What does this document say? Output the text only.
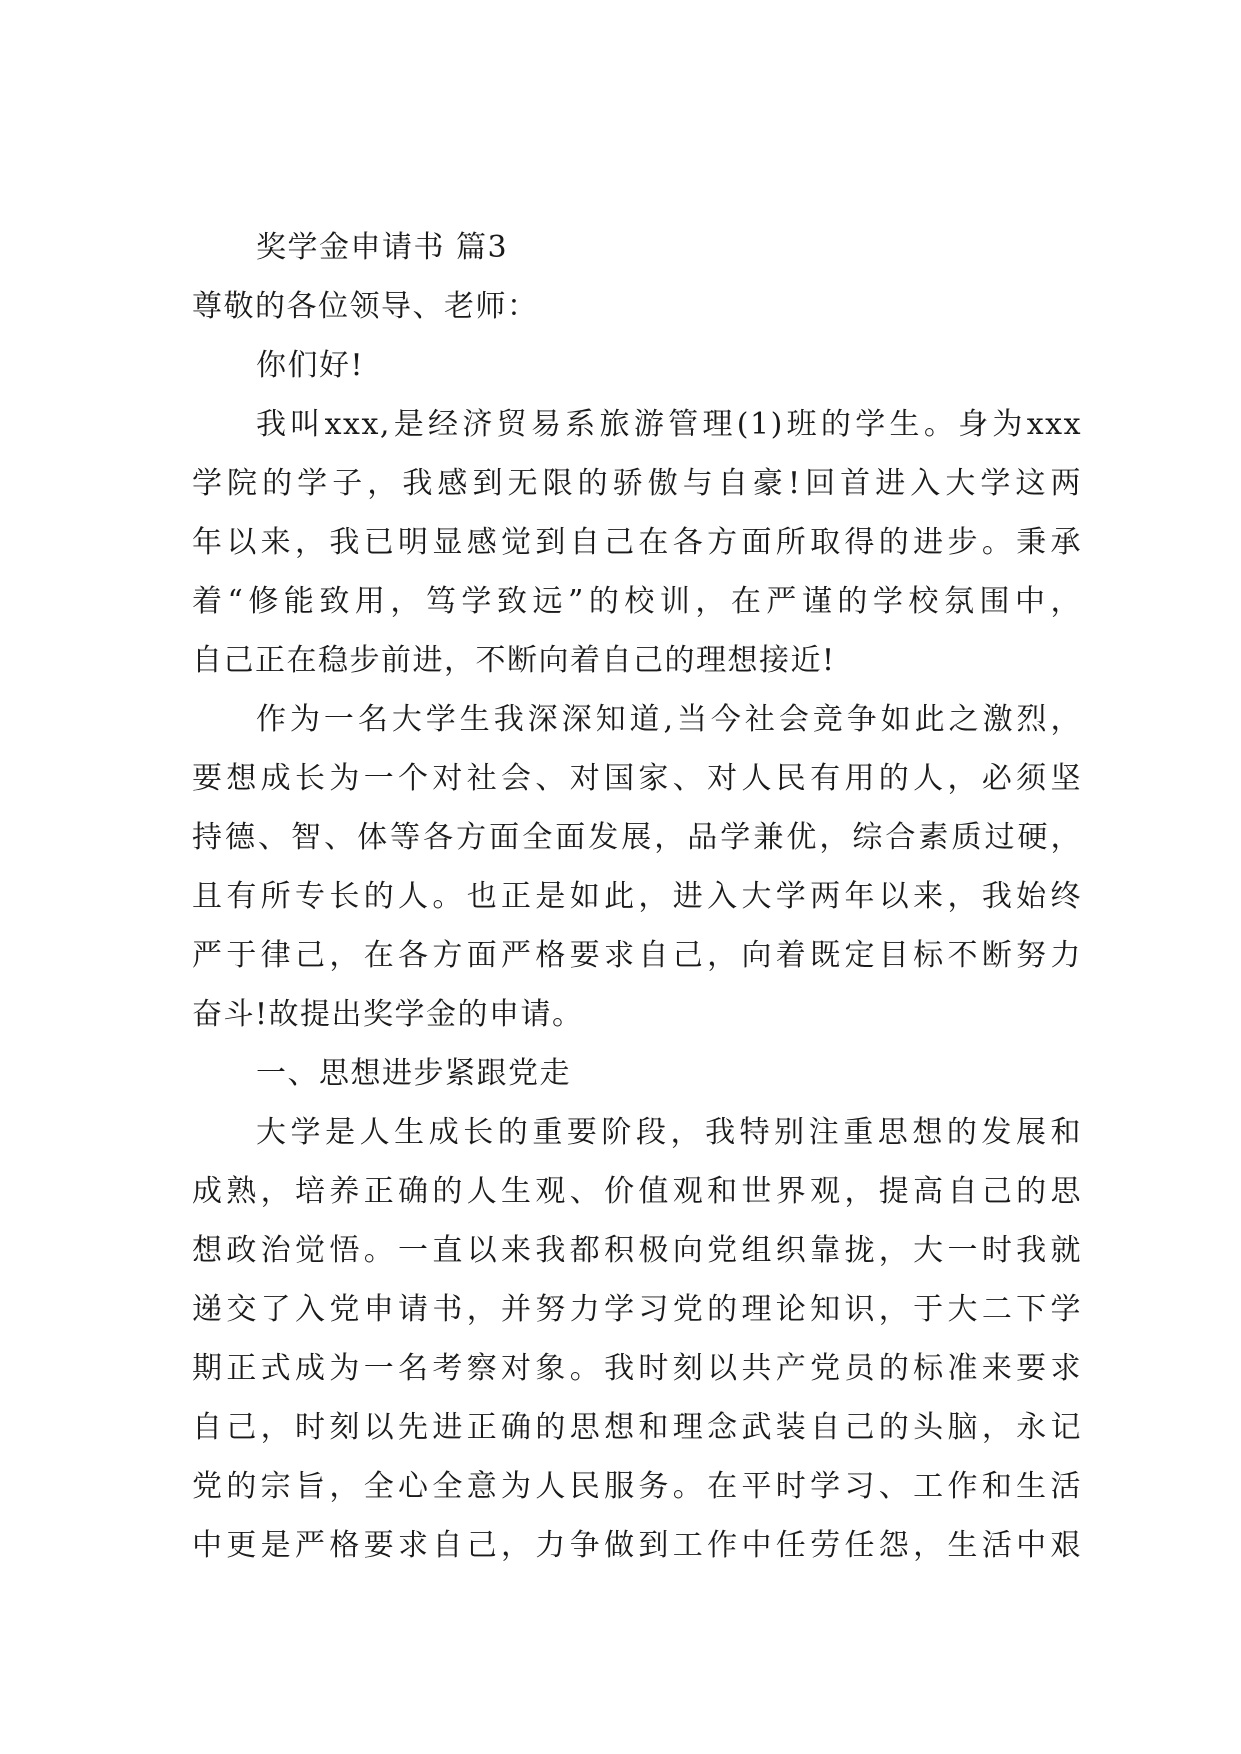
奖学金申请书 篇3
尊敬的各位领导、老师：
你们好!
我叫xxx,是经济贸易系旅游管理(1)班的学生。身为xxx
学院的学子，我感到无限的骄傲与自豪!回首进入大学这两
年以来，我已明显感觉到自己在各方面所取得的进步。秉承
着“修能致用，笃学致远”的校训，在严谨的学校氛围中，
自己正在稳步前进，不断向着自己的理想接近!
作为一名大学生我深深知道,当今社会竞争如此之激烈，
要想成长为一个对社会、对国家、对人民有用的人，必须坚
持德、智、体等各方面全面发展，品学兼优，综合素质过硬，
且有所专长的人。也正是如此，进入大学两年以来，我始终
严于律己，在各方面严格要求自己，向着既定目标不断努力
奋斗!故提出奖学金的申请。
一、思想进步紧跟党走
大学是人生成长的重要阶段，我特别注重思想的发展和
成熟，培养正确的人生观、价值观和世界观，提高自己的思
想政治觉悟。一直以来我都积极向党组织靠拢，大一时我就
递交了入党申请书，并努力学习党的理论知识，于大二下学
期正式成为一名考察对象。我时刻以共产党员的标准来要求
自己，时刻以先进正确的思想和理念武装自己的头脑，永记
党的宗旨，全心全意为人民服务。在平时学习、工作和生活
中更是严格要求自己，力争做到工作中任劳任怨，生活中艰
